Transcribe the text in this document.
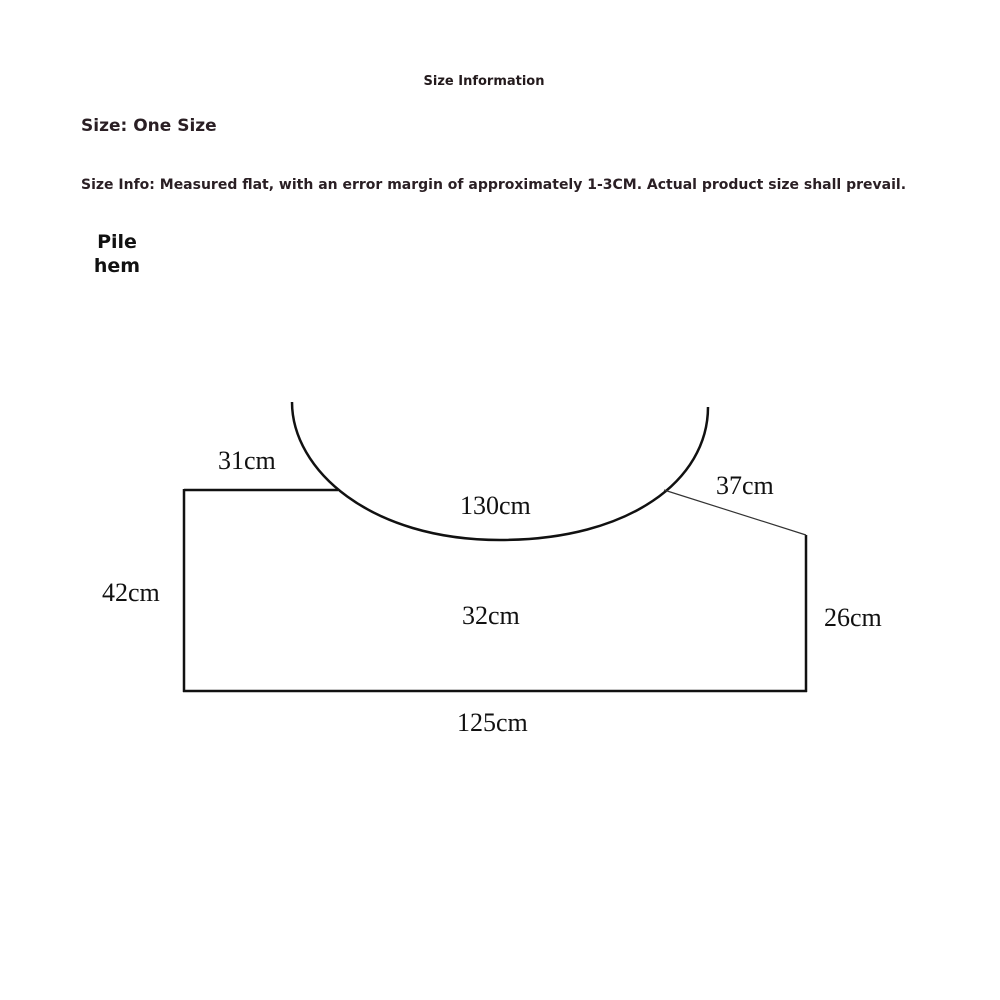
Size Information
Size: One Size
Size Info: Measured flat, with an error margin of approximately 1-3CM. Actual product size shall prevail.
Pile
hem
31cm
130cm
37cm
42cm
32cm	26cm
125cm
